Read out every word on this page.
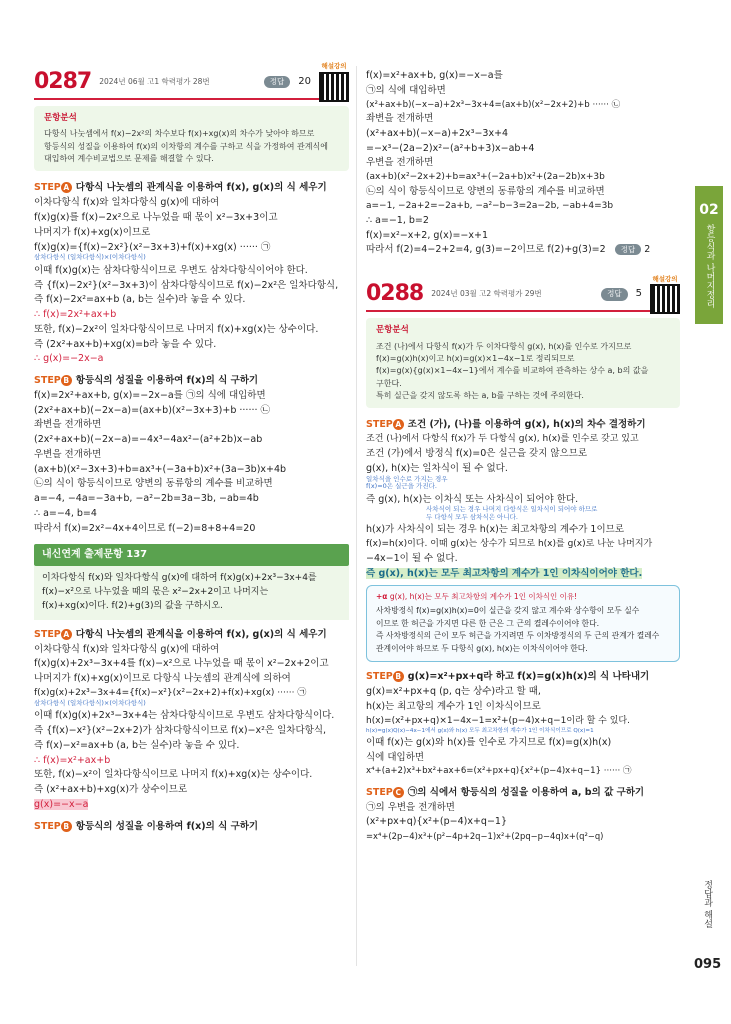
0287 2024년 06월 고1 학력평가 28번	정답	20
해설강의
문항분석

다항식 나눗셈에서 f(x)−2x²의 차수보다 f(x)+xg(x)의 차수가 낮아야 하므로

항등식의 성질을 이용하여 f(x)의 이차항의 계수를 구하고 식을 가정하여 관계식에

대입하여 계수비교법으로 문제를 해결할 수 있다.

STEP A 다항식 나눗셈의 관계식을 이용하여 f(x), g(x)의 식 세우기
이차다항식 f(x)와 일차다항식 g(x)에 대하여
f(x)g(x)를 f(x)−2x²으로 나누었을 때 몫이 x²−3x+3이고
나머지가 f(x)+xg(x)이므로
f(x)g(x)={f(x)−2x²}(x²−3x+3)+f(x)+xg(x) ······ ㉠
삼차다항식 (일차다항식)×(이차다항식)
이때 f(x)g(x)는 삼차다항식이므로 우변도 삼차다항식이어야 한다.
즉 {f(x)−2x²}(x²−3x+3)이 삼차다항식이므로 f(x)−2x²은 일차다항식,
즉 f(x)−2x²=ax+b (a, b는 실수)라 놓을 수 있다.
∴ f(x)=2x²+ax+b
또한, f(x)−2x²이 일차다항식이므로 나머지 f(x)+xg(x)는 상수이다.
즉 (2x²+ax+b)+xg(x)=b라 놓을 수 있다.
∴ g(x)=−2x−a
STEP B 항등식의 성질을 이용하여 f(x)의 식 구하기
f(x)=2x²+ax+b, g(x)=−2x−a를 ㉠의 식에 대입하면
(2x²+ax+b)(−2x−a)=(ax+b)(x²−3x+3)+b ······ ㉡
좌변을 전개하면
(2x²+ax+b)(−2x−a)=−4x³−4ax²−(a²+2b)x−ab
우변을 전개하면
(ax+b)(x²−3x+3)+b=ax³+(−3a+b)x²+(3a−3b)x+4b
㉡의 식이 항등식이므로 양변의 동류항의 계수를 비교하면
a=−4, −4a=−3a+b, −a²−2b=3a−3b, −ab=4b
∴ a=−4, b=4
따라서 f(x)=2x²−4x+4이므로 f(−2)=8+8+4=20
내신연계 출제문항 137

이차다항식 f(x)와 일차다항식 g(x)에 대하여 f(x)g(x)+2x³−3x+4를

f(x)−x²으로 나누었을 때의 몫은 x²−2x+2이고 나머지는

f(x)+xg(x)이다. f(2)+g(3)의 값을 구하시오.

STEP A 다항식 나눗셈의 관계식을 이용하여 f(x), g(x)의 식 세우기
이차다항식 f(x)와 일차다항식 g(x)에 대하여
f(x)g(x)+2x³−3x+4를 f(x)−x²으로 나누었을 때 몫이 x²−2x+2이고
나머지가 f(x)+xg(x)이므로 다항식 나눗셈의 관계식에 의하여
f(x)g(x)+2x³−3x+4={f(x)−x²}(x²−2x+2)+f(x)+xg(x) ······ ㉠
삼차다항식 (일차다항식)×(이차다항식)
이때 f(x)g(x)+2x³−3x+4는 삼차다항식이므로 우변도 삼차다항식이다.
즉 {f(x)−x²}(x²−2x+2)가 삼차다항식이므로 f(x)−x²은 일차다항식,
즉 f(x)−x²=ax+b (a, b는 실수)라 놓을 수 있다.
∴ f(x)=x²+ax+b
또한, f(x)−x²이 일차다항식이므로 나머지 f(x)+xg(x)는 상수이다.
즉 (x²+ax+b)+xg(x)가 상수이므로
g(x)=−x−a
STEP B 항등식의 성질을 이용하여 f(x)의 식 구하기
f(x)=x²+ax+b, g(x)=−x−a를
㉠의 식에 대입하면
(x²+ax+b)(−x−a)+2x³−3x+4=(ax+b)(x²−2x+2)+b ······ ㉡
좌변을 전개하면
(x²+ax+b)(−x−a)+2x³−3x+4
=−x³−(2a−2)x²−(a²+b+3)x−ab+4
우변을 전개하면
(ax+b)(x²−2x+2)+b=ax³+(−2a+b)x²+(2a−2b)x+3b
㉡의 식이 항등식이므로 양변의 동류항의 계수를 비교하면
a=−1, −2a+2=−2a+b, −a²−b−3=2a−2b, −ab+4=3b
∴ a=−1, b=2
f(x)=x²−x+2, g(x)=−x+1
따라서 f(2)=4−2+2=4, g(3)=−2이므로 f(2)+g(3)=2 정답 2
0288 2024년 03월 고2 학력평가 29번	정답	5
해설강의
문항분석

조건 (나)에서 다항식 f(x)가 두 이차다항식 g(x), h(x)를 인수로 가지므로

f(x)=g(x)h(x)이고 h(x)=g(x)×1−4x−1로 정리되므로

f(x)=g(x){g(x)×1−4x−1}에서 계수를 비교하여 관측하는 상수 a, b의 값을

구한다.

특히 실근을 갖지 않도록 하는 a, b를 구하는 것에 주의한다.

STEP A 조건 (가), (나)를 이용하여 g(x), h(x)의 차수 결정하기
조건 (나)에서 다항식 f(x)가 두 다항식 g(x), h(x)를 인수로 갖고 있고
조건 (가)에서 방정식 f(x)=0은 실근을 갖지 않으므로
g(x), h(x)는 일차식이 될 수 없다.
일차식을 인수로 가지는 경우
f(x)=0은 실근을 가진다.
즉 g(x), h(x)는 이차식 또는 사차식이 되어야 한다.
사차식이 되는 경우 나머지 다항식은 일차식이 되어야 하므로
두 다항식 모두 삼차식은 아니다.
h(x)가 사차식이 되는 경우 h(x)는 최고차항의 계수가 1이므로
f(x)=h(x)이다. 이때 g(x)는 상수가 되므로 h(x)를 g(x)로 나눈 나머지가
−4x−1이 될 수 없다.
즉 g(x), h(x)는 모두 최고차항의 계수가 1인 이차식이어야 한다.
+α g(x), h(x)는 모두 최고차항의 계수가 1인 이차식인 이유!

사차방정식 f(x)=g(x)h(x)=0이 실근을 갖지 않고 계수와 상수항이 모두 실수

이므로 한 허근을 가지면 다른 한 근은 그 근의 켤레수이어야 한다.

즉 사차방정식의 근이 모두 허근을 가지려면 두 이차방정식의 두 근의 관계가 켤레수

관계이어야 하므로 두 다항식 g(x), h(x)는 이차식이어야 한다.

STEP B g(x)=x²+px+q라 하고 f(x)=g(x)h(x)의 식 나타내기
g(x)=x²+px+q (p, q는 상수)라고 할 때,
h(x)는 최고항의 계수가 1인 이차식이므로
h(x)=(x²+px+q)×1−4x−1=x²+(p−4)x+q−1이라 할 수 있다.
h(x)=g(x)Q(x)−4x−1에서 g(x)와 h(x) 모두 최고차항의 계수가 1인 이차식이므로 Q(x)=1
이때 f(x)는 g(x)와 h(x)를 인수로 가지므로 f(x)=g(x)h(x)
식에 대입하면
x⁴+(a+2)x³+bx²+ax+6=(x²+px+q){x²+(p−4)x+q−1} ······ ㉠
STEP C ㉠의 식에서 항등식의 성질을 이용하여 a, b의 값 구하기
㉠의 우변을 전개하면
(x²+px+q){x²+(p−4)x+q−1}
=x⁴+(2p−4)x³+(p²−4p+2q−1)x²+(2pq−p−4q)x+(q²−q)
02
항등식과 나머지정리
정답과 해설
095
